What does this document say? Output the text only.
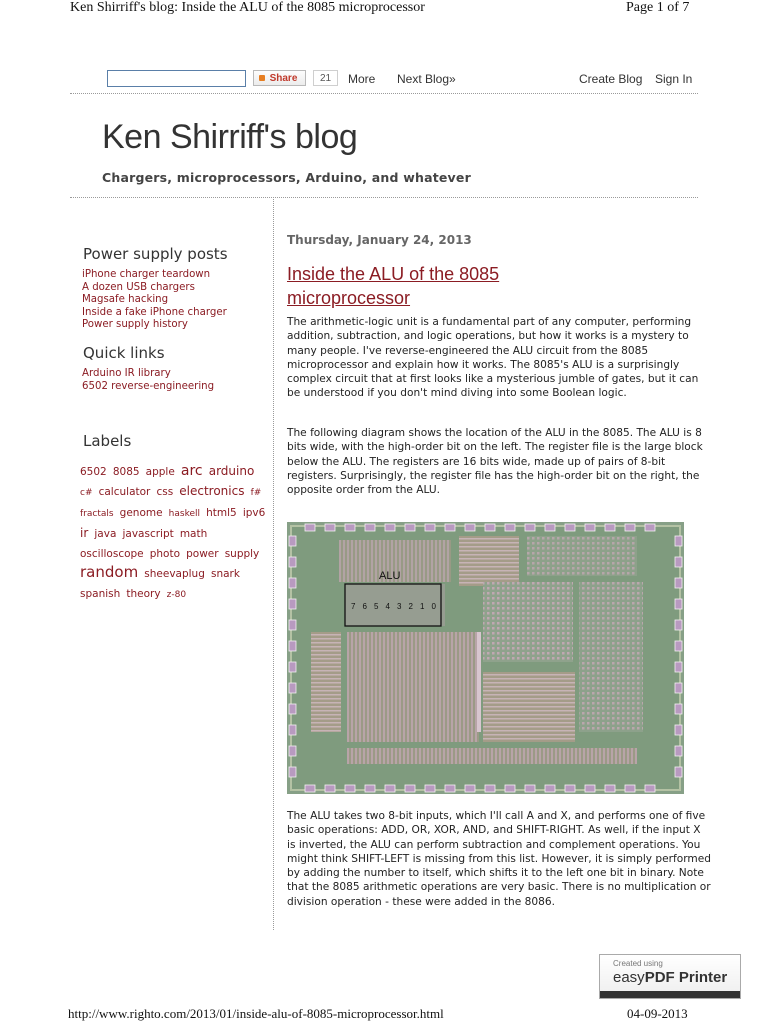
Ken Shirriff's blog: Inside the ALU of the 8085 microprocessor	Page 1 of 7
Share	21	More Next Blog»	Create Blog Sign In
Ken Shirriff's blog
Chargers, microprocessors, Arduino, and whatever
Power supply posts
iPhone charger teardown
A dozen USB chargers
Magsafe hacking
Inside a fake iPhone charger
Power supply history
Quick links
Arduino IR library
6502 reverse-engineering
Labels
6502 8085 apple arc arduino c# calculator css electronics f# fractals genome haskell html5 ipv6 ir java javascript math oscilloscope photo power supply random sheevaplug snark spanish theory z-80
Thursday, January 24, 2013
Inside the ALU of the 8085 microprocessor
The arithmetic-logic unit is a fundamental part of any computer, performing addition, subtraction, and logic operations, but how it works is a mystery to many people. I've reverse-engineered the ALU circuit from the 8085 microprocessor and explain how it works. The 8085's ALU is a surprisingly complex circuit that at first looks like a mysterious jumble of gates, but it can be understood if you don't mind diving into some Boolean logic.
The following diagram shows the location of the ALU in the 8085. The ALU is 8 bits wide, with the high-order bit on the left. The register file is the large block below the ALU. The registers are 16 bits wide, made up of pairs of 8-bit registers. Surprisingly, the register file has the high-order bit on the right, the opposite order from the ALU.
ALU
7 6 5 4 3 2 1 0
The ALU takes two 8-bit inputs, which I'll call A and X, and performs one of five basic operations: ADD, OR, XOR, AND, and SHIFT-RIGHT. As well, if the input X is inverted, the ALU can perform subtraction and complement operations. You might think SHIFT-LEFT is missing from this list. However, it is simply performed by adding the number to itself, which shifts it to the left one bit in binary. Note that the 8085 arithmetic operations are very basic. There is no multiplication or division operation - these were added in the 8086.
Created using
easyPDF Printer
http://www.righto.com/2013/01/inside-alu-of-8085-microprocessor.html	04-09-2013
